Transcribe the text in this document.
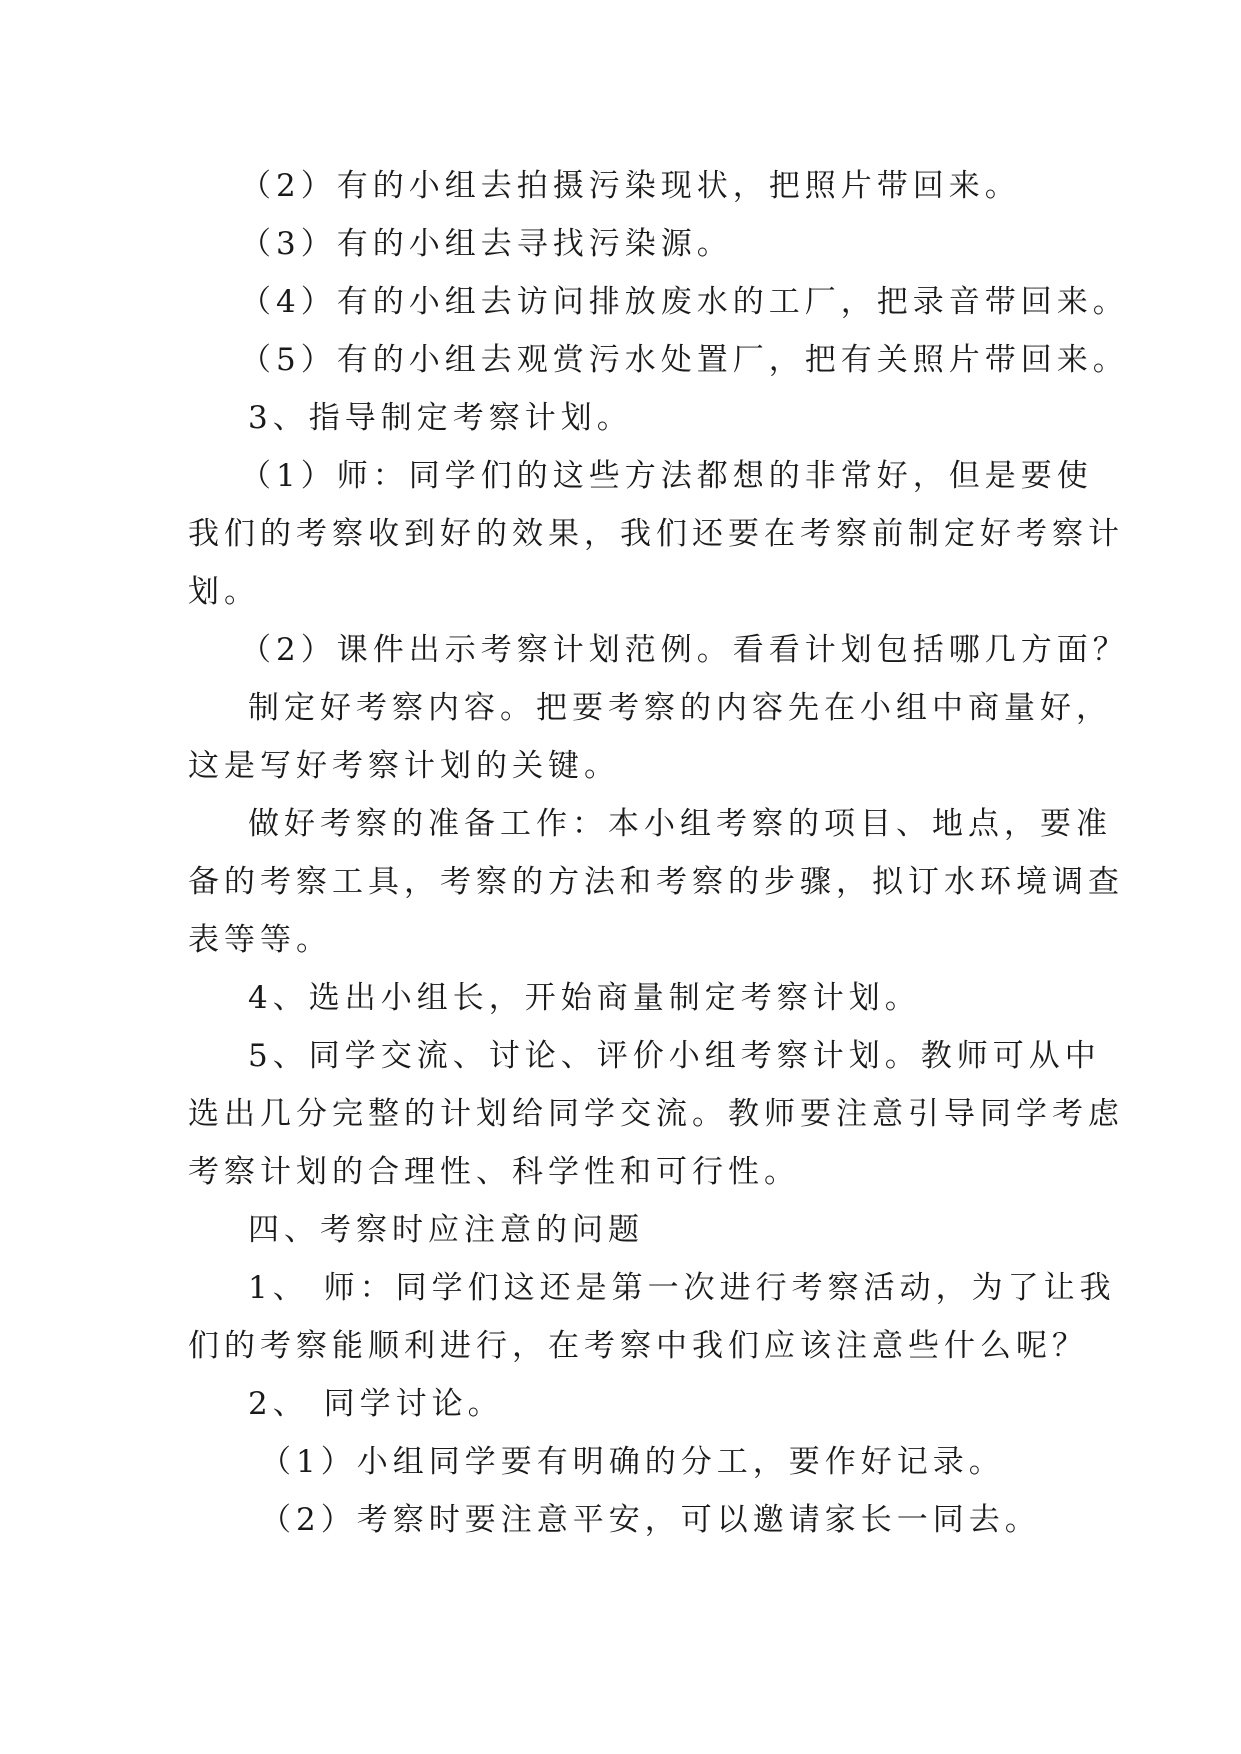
（2）有的小组去拍摄污染现状，把照片带回来。
（3）有的小组去寻找污染源。
（4）有的小组去访问排放废水的工厂，把录音带回来。
（5）有的小组去观赏污水处置厂，把有关照片带回来。
3、指导制定考察计划。
（1）师：同学们的这些方法都想的非常好，但是要使
我们的考察收到好的效果，我们还要在考察前制定好考察计
划。
（2）课件出示考察计划范例。看看计划包括哪几方面？
制定好考察内容。把要考察的内容先在小组中商量好，
这是写好考察计划的关键。
做好考察的准备工作：本小组考察的项目、地点，要准
备的考察工具，考察的方法和考察的步骤，拟订水环境调查
表等等。
4、选出小组长，开始商量制定考察计划。
5、同学交流、讨论、评价小组考察计划。教师可从中
选出几分完整的计划给同学交流。教师要注意引导同学考虑
考察计划的合理性、科学性和可行性。
四、考察时应注意的问题
1、 师：同学们这还是第一次进行考察活动，为了让我
们的考察能顺利进行，在考察中我们应该注意些什么呢？
2、 同学讨论。
（1）小组同学要有明确的分工，要作好记录。
（2）考察时要注意平安，可以邀请家长一同去。
